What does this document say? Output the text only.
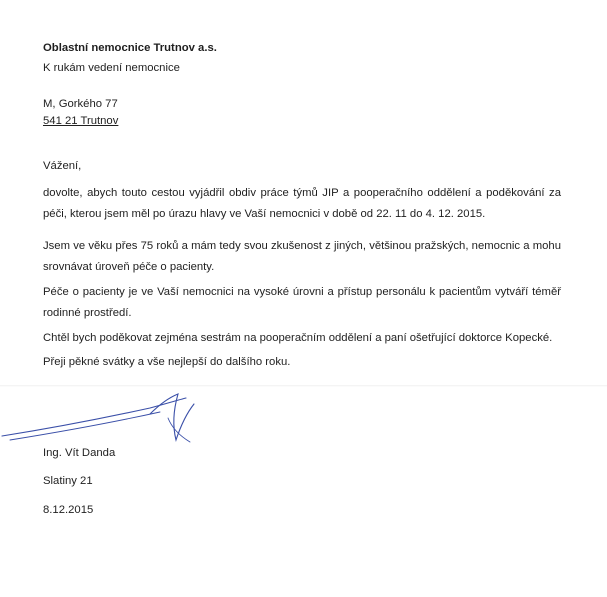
Oblastní nemocnice Trutnov a.s.
K rukám vedení nemocnice
M, Gorkého 77
541 21 Trutnov
Vážení,
dovolte, abych touto cestou vyjádřil obdiv práce týmů JIP a pooperačního oddělení a poděkování za péči, kterou jsem měl po úrazu hlavy ve Vaší nemocnici v době od 22. 11 do 4. 12. 2015.
Jsem ve věku přes 75 roků a mám tedy svou zkušenost z jiných, většinou pražských, nemocnic a mohu srovnávat úroveň péče o pacienty.
Péče o pacienty je ve Vaší nemocnici na vysoké úrovni a přístup personálu k pacientům vytváří téměř rodinné prostředí.
Chtěl bych poděkovat zejména sestrám na pooperačním oddělení a paní ošetřující doktorce Kopecké.
Přeji pěkné svátky a vše nejlepší do dalšího roku.
Ing. Vít Danda
Slatiny 21
8.12.2015
